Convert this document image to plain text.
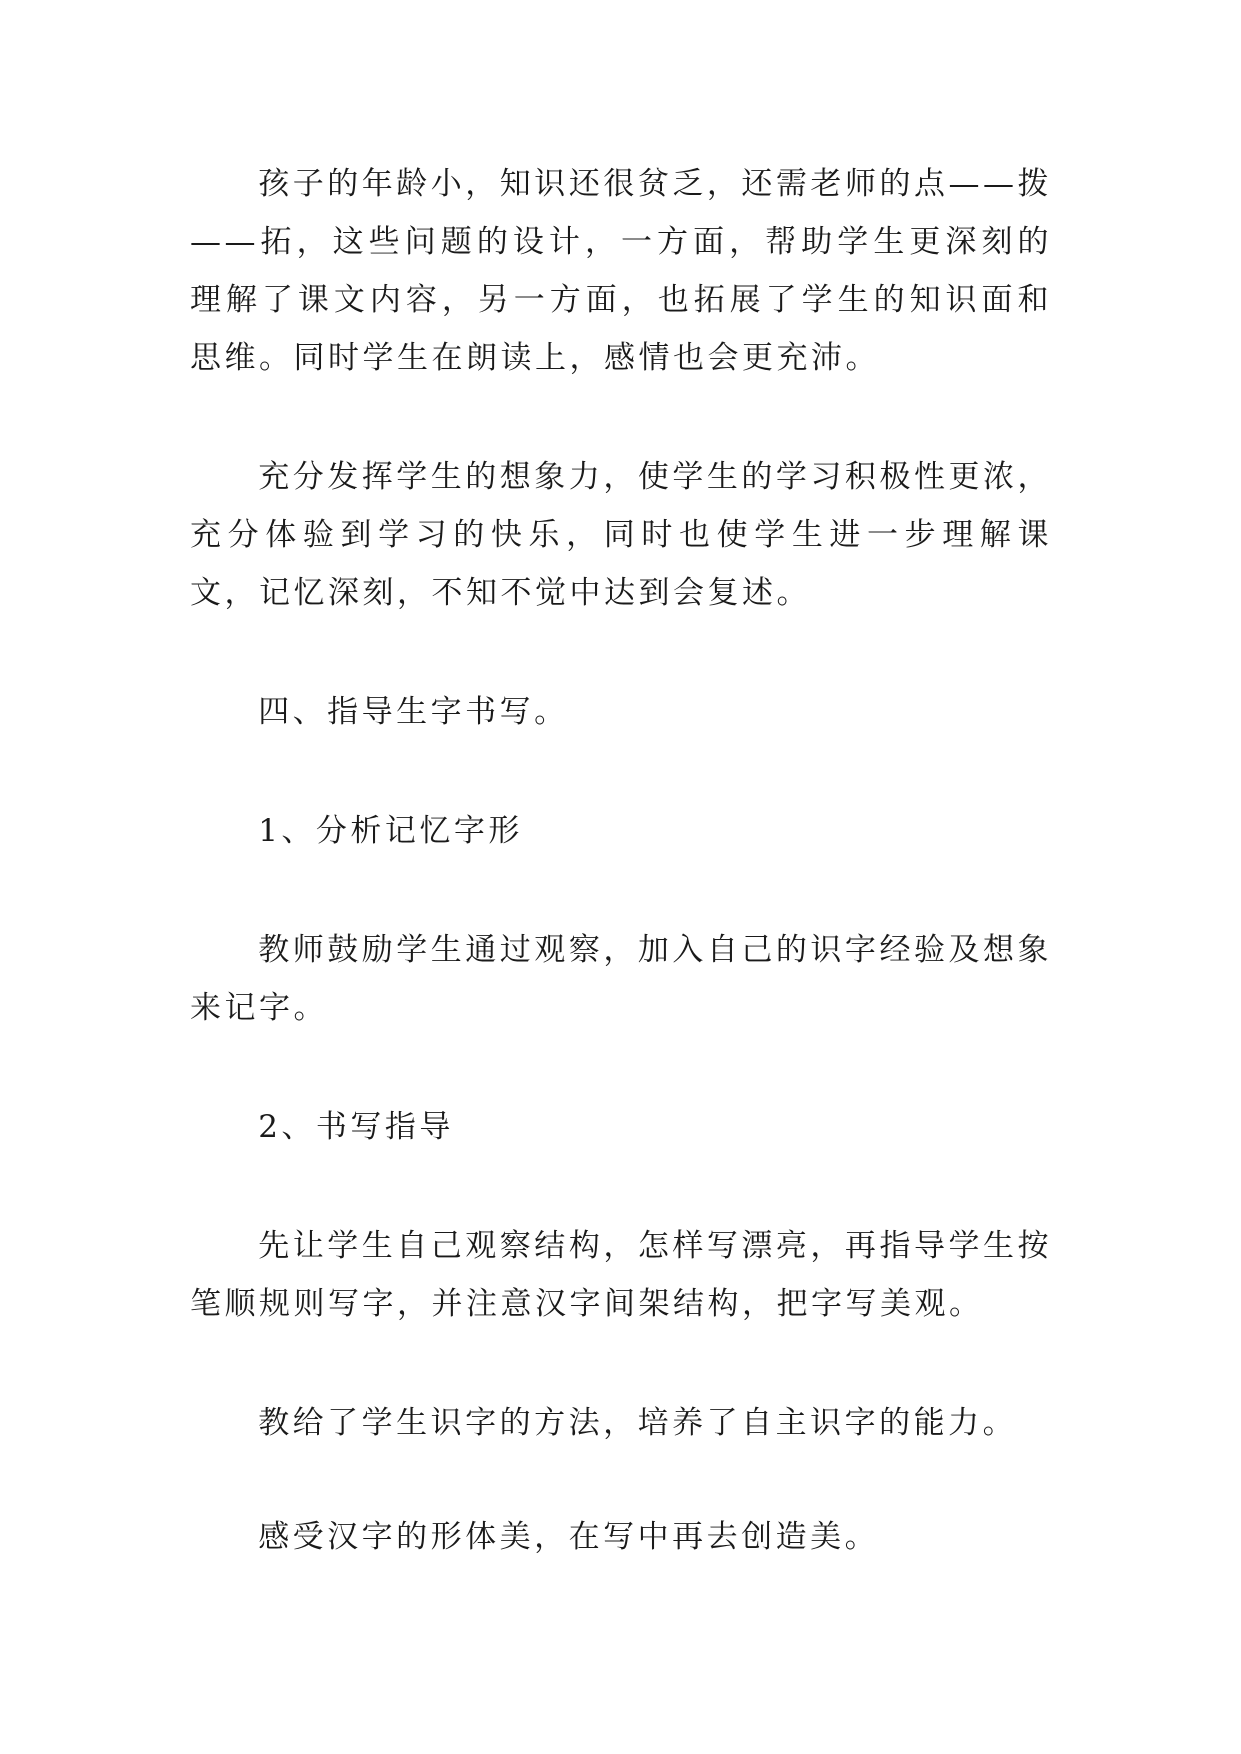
孩子的年龄小，知识还很贫乏，还需老师的点——拨——拓，这些问题的设计，一方面，帮助学生更深刻的理解了课文内容，另一方面，也拓展了学生的知识面和思维。同时学生在朗读上，感情也会更充沛。

充分发挥学生的想象力，使学生的学习积极性更浓，充分体验到学习的快乐，同时也使学生进一步理解课文，记忆深刻，不知不觉中达到会复述。

四、指导生字书写。

1、分析记忆字形

教师鼓励学生通过观察，加入自己的识字经验及想象来记字。

2、书写指导

先让学生自己观察结构，怎样写漂亮，再指导学生按笔顺规则写字，并注意汉字间架结构，把字写美观。

教给了学生识字的方法，培养了自主识字的能力。

感受汉字的形体美，在写中再去创造美。
